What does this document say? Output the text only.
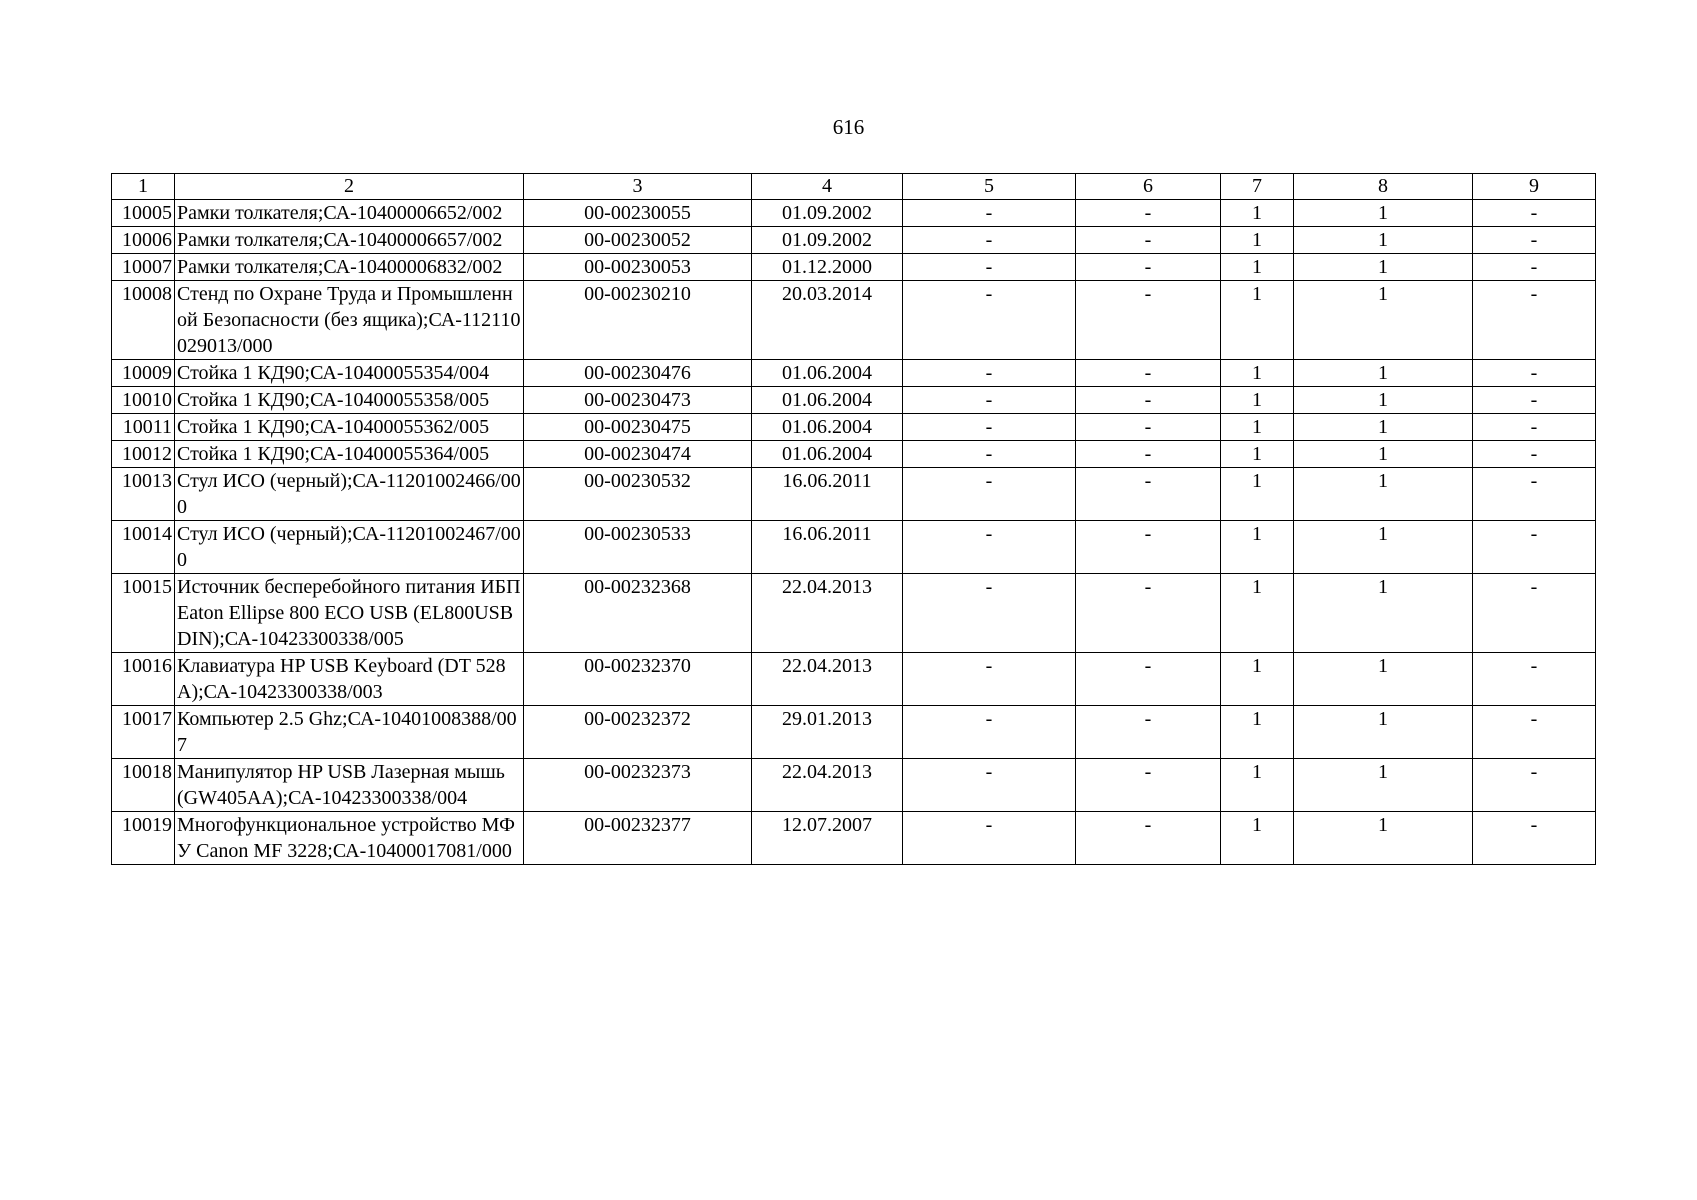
616
1	2	3	4	5	6	7	8	9
10005	Рамки толкателя;СА-10400006652/002	00-00230055	01.09.2002	-	-	1	1	-
10006	Рамки толкателя;СА-10400006657/002	00-00230052	01.09.2002	-	-	1	1	-
10007	Рамки толкателя;СА-10400006832/002	00-00230053	01.12.2000	-	-	1	1	-
10008	Стенд по Охране Труда и Промышленной Безопасности (без ящика);СА-112110029013/000	00-00230210	20.03.2014	-	-	1	1	-
10009	Стойка 1 КД90;СА-10400055354/004	00-00230476	01.06.2004	-	-	1	1	-
10010	Стойка 1 КД90;СА-10400055358/005	00-00230473	01.06.2004	-	-	1	1	-
10011	Стойка 1 КД90;СА-10400055362/005	00-00230475	01.06.2004	-	-	1	1	-
10012	Стойка 1 КД90;СА-10400055364/005	00-00230474	01.06.2004	-	-	1	1	-
10013	Стул ИСО (черный);СА-11201002466/000	00-00230532	16.06.2011	-	-	1	1	-
10014	Стул ИСО (черный);СА-11201002467/000	00-00230533	16.06.2011	-	-	1	1	-
10015	Источник бесперебойного питания ИБП Eaton Ellipse 800 ECO USB (EL800USBDIN);СА-10423300338/005	00-00232368	22.04.2013	-	-	1	1	-
10016	Клавиатура HP USB Keyboard (DT 528A);СА-10423300338/003	00-00232370	22.04.2013	-	-	1	1	-
10017	Компьютер 2.5 Ghz;СА-10401008388/007	00-00232372	29.01.2013	-	-	1	1	-
10018	Манипулятор HP USB Лазерная мышь (GW405AA);СА-10423300338/004	00-00232373	22.04.2013	-	-	1	1	-
10019	Многофункциональное устройство МФУ Canon MF 3228;СА-10400017081/000	00-00232377	12.07.2007	-	-	1	1	-
